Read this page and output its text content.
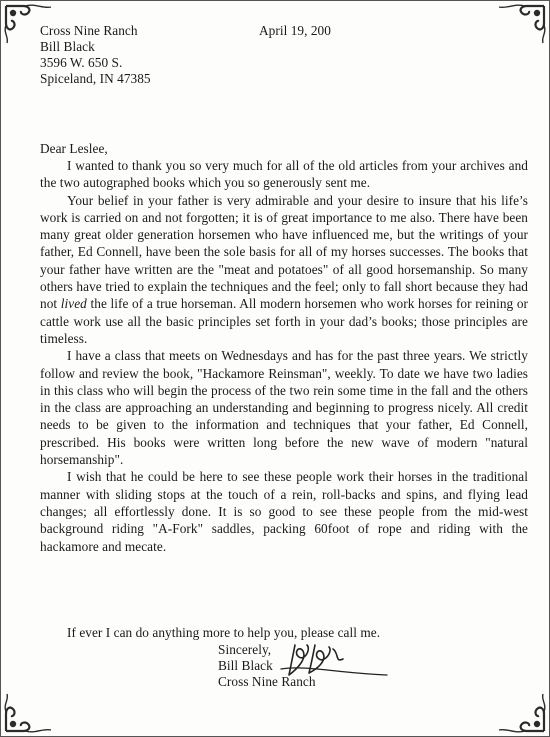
Cross Nine Ranch
Bill Black
3596 W. 650 S.
Spiceland, IN 47385
April 19, 200
Dear Leslee,

I wanted to thank you so very much for all of the old articles from your archives and the two autographed books which you so generously sent me.

Your belief in your father is very admirable and your desire to insure that his life’s work is carried on and not forgotten; it is of great importance to me also. There have been many great older generation horsemen who have influenced me, but the writings of your father, Ed Connell, have been the sole basis for all of my horses successes. The books that your father have written are the "meat and potatoes" of all good horsemanship. So many others have tried to explain the techniques and the feel; only to fall short because they had not lived the life of a true horseman. All modern horsemen who work horses for reining or cattle work use all the basic principles set forth in your dad’s books; those principles are timeless.

I have a class that meets on Wednesdays and has for the past three years. We strictly follow and review the book, "Hackamore Reinsman", weekly. To date we have two ladies in this class who will begin the process of the two rein some time in the fall and the others in the class are approaching an understanding and beginning to progress nicely. All credit needs to be given to the information and techniques that your father, Ed Connell, prescribed. His books were written long before the new wave of modern "natural horsemanship".

I wish that he could be here to see these people work their horses in the traditional manner with sliding stops at the touch of a rein, roll-backs and spins, and flying lead changes; all effortlessly done. It is so good to see these people from the mid-west background riding "A-Fork" saddles, packing 60foot of rope and riding with the hackamore and mecate.

If ever I can do anything more to help you, please call me.
Sincerely,
Bill Black
Cross Nine Ranch
